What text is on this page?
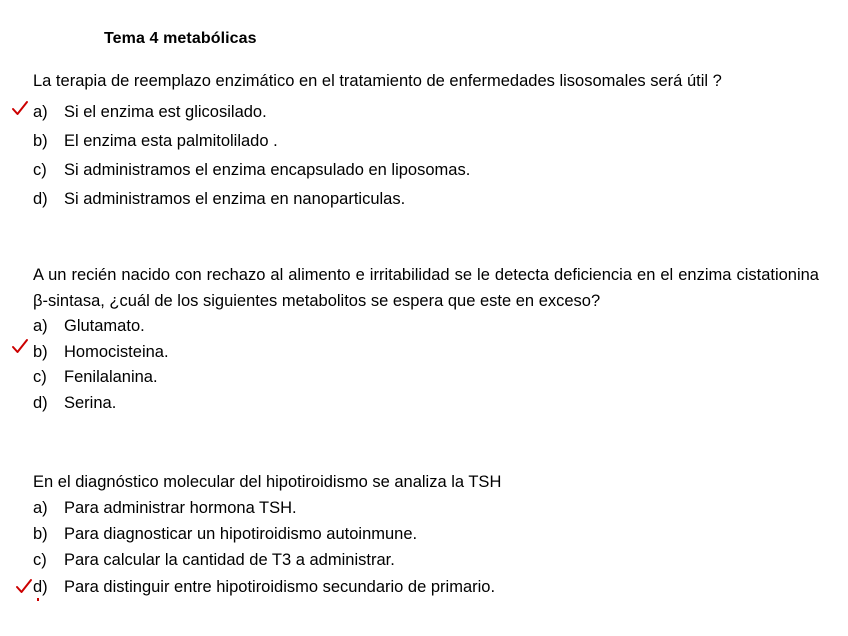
Tema 4 metabólicas
La terapia de reemplazo enzimático en el tratamiento de enfermedades lisosomales será útil ?
a) Si el enzima est glicosilado.
b) El enzima esta palmitolilado .
c)	Si administramos el enzima encapsulado en liposomas.
d) Si administramos el enzima en nanoparticulas.
A un recién nacido con rechazo al alimento e irritabilidad se le detecta deficiencia en el enzima cistationina β-sintasa, ¿cuál de los siguientes metabolitos se espera que este en exceso?
a) Glutamato.
b) Homocisteina.
c)	Fenilalanina.
d) Serina.
En el diagnóstico molecular del hipotiroidismo se analiza la TSH
a) Para administrar hormona TSH.
b) Para diagnosticar un hipotiroidismo autoinmune.
c)	Para calcular la cantidad de T3 a administrar.
d) Para distinguir entre hipotiroidismo secundario de primario.
